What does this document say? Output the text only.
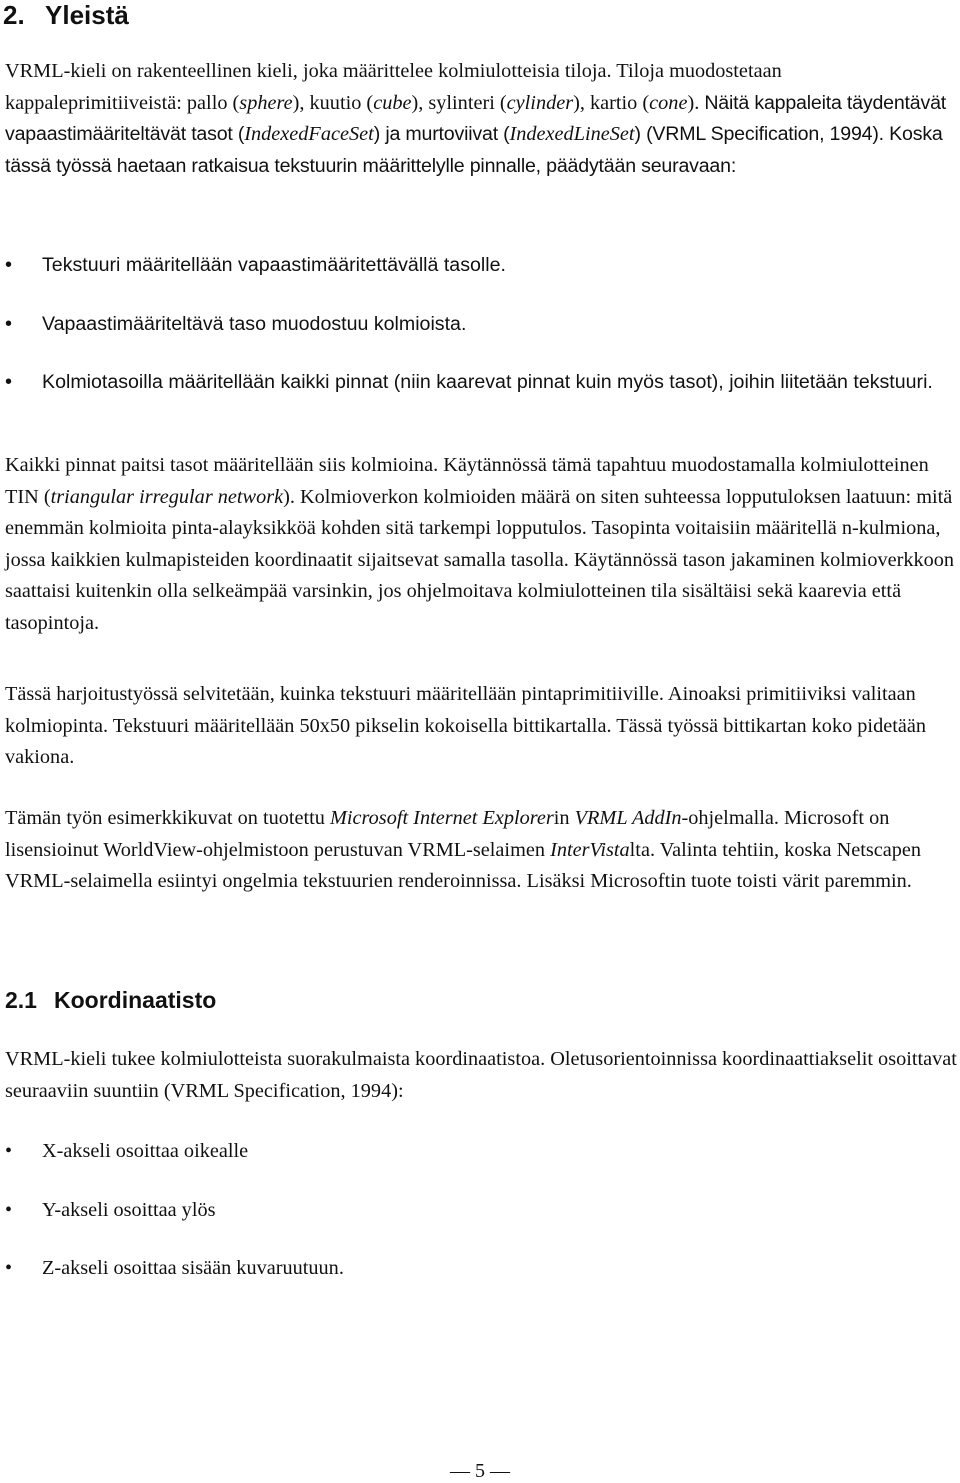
2. Yleistä

VRML-kieli on rakenteellinen kieli, joka määrittelee kolmiulotteisia tiloja. Tiloja muodostetaan kappaleprimitiiveistä: pallo (sphere), kuutio (cube), sylinteri (cylinder), kartio (cone). Näitä kappaleita täydentävät vapaastimääriteltävät tasot (IndexedFaceSet) ja murtoviivat (IndexedLineSet) (VRML Specification, 1994). Koska tässä työssä haetaan ratkaisua tekstuurin määrittelylle pinnalle, päädytään seuravaan:

• Tekstuuri määritellään vapaastimääritettävällä tasolle.
• Vapaastimääriteltävä taso muodostuu kolmioista.
• Kolmiotasoilla määritellään kaikki pinnat (niin kaarevat pinnat kuin myös tasot), joihin liitetään tekstuuri.

Kaikki pinnat paitsi tasot määritellään siis kolmioina. Käytännössä tämä tapahtuu muodostamalla kolmiulotteinen TIN (triangular irregular network). Kolmioverkon kolmioiden määrä on siten suhteessa lopputuloksen laatuun: mitä enemmän kolmioita pinta-alayksikköä kohden sitä tarkempi lopputulos. Tasopinta voitaisiin määritellä n-kulmiona, jossa kaikkien kulmapisteiden koordinaatit sijaitsevat samalla tasolla. Käytännössä tason jakaminen kolmioverkkoon saattaisi kuitenkin olla selkeämpää varsinkin, jos ohjelmoitava kolmiulotteinen tila sisältäisi sekä kaarevia että tasopintoja.

Tässä harjoitustyössä selvitetään, kuinka tekstuuri määritellään pintaprimitiiville. Ainoaksi primitiiviksi valitaan kolmiopinta. Tekstuuri määritellään 50x50 pikselin kokoisella bittikartalla. Tässä työssä bittikartan koko pidetään vakiona.

Tämän työn esimerkkikuvat on tuotettu Microsoft Internet Explorerin VRML AddIn-ohjelmalla. Microsoft on lisensioinut WorldView-ohjelmistoon perustuvan VRML-selaimen InterVistalta. Valinta tehtiin, koska Netscapen VRML-selaimella esiintyi ongelmia tekstuurien renderoinnissa. Lisäksi Microsoftin tuote toisti värit paremmin.

2.1 Koordinaatisto

VRML-kieli tukee kolmiulotteista suorakulmaista koordinaatistoa. Oletusorientoinnissa koordinaattiakselit osoittavat seuraaviin suuntiin (VRML Specification, 1994):

• X-akseli osoittaa oikealle
• Y-akseli osoittaa ylös
• Z-akseli osoittaa sisään kuvaruutuun.
— 5 —
